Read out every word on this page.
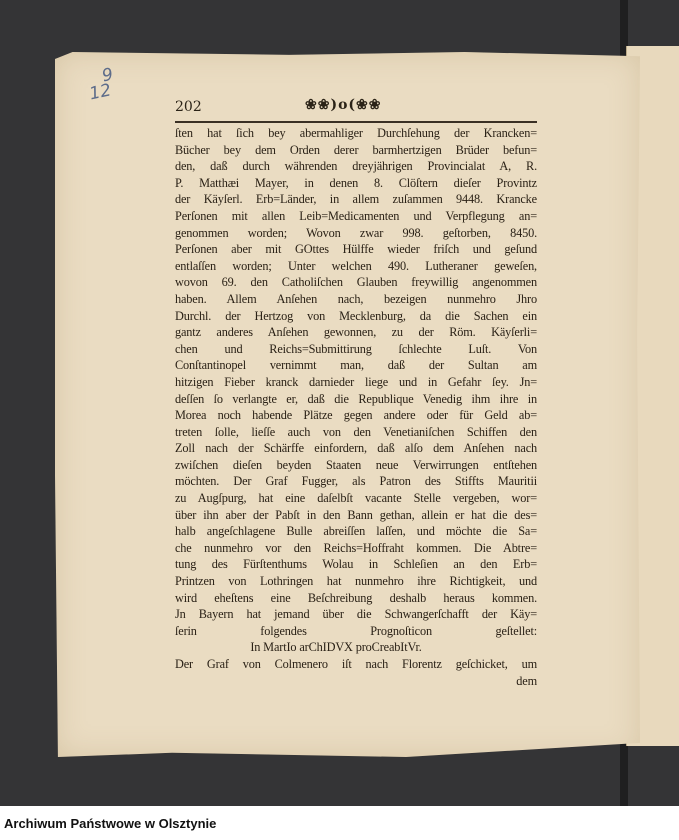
9
12
202	❀❀)o(❀❀
ſten hat ſich bey abermahliger Durchſehung der Krancken=
Bücher bey dem Orden derer barmhertzigen Brüder befun=
den, daß durch währenden dreyjährigen Provincialat A, R.
P. Matthæi Mayer, in denen 8. Clöſtern dieſer Provintz
der Käyſerl. Erb=Länder, in allem zuſammen 9448. Krancke
Perſonen mit allen Leib=Medicamenten und Verpflegung an=
genommen worden; Wovon zwar 998. geſtorben, 8450.
Perſonen aber mit GOttes Hülffe wieder friſch und geſund
entlaſſen worden; Unter welchen 490. Lutheraner geweſen,
wovon 69. den Catholiſchen Glauben freywillig angenommen
haben. Allem Anſehen nach, bezeigen nunmehro Jhro
Durchl. der Hertzog von Mecklenburg, da die Sachen ein
gantz anderes Anſehen gewonnen, zu der Röm. Käyſerli=
chen und Reichs=Submittirung ſchlechte Luſt. Von
Conſtantinopel vernimmt man, daß der Sultan am
hitzigen Fieber kranck darnieder liege und in Gefahr ſey. Jn=
deſſen ſo verlangte er, daß die Republique Venedig ihm ihre in
Morea noch habende Plätze gegen andere oder für Geld ab=
treten ſolle, lieſſe auch von den Venetianiſchen Schiffen den
Zoll nach der Schärffe einfordern, daß alſo dem Anſehen nach
zwiſchen dieſen beyden Staaten neue Verwirrungen entſtehen
möchten. Der Graf Fugger, als Patron des Stiffts Mauritii
zu Augſpurg, hat eine daſelbſt vacante Stelle vergeben, wor=
über ihn aber der Pabſt in den Bann gethan, allein er hat die des=
halb angeſchlagene Bulle abreiſſen laſſen, und möchte die Sa=
che nunmehro vor den Reichs=Hoffraht kommen. Die Abtre=
tung des Fürſtenthums Wolau in Schleſien an den Erb=
Printzen von Lothringen hat nunmehro ihre Richtigkeit, und
wird eheſtens eine Beſchreibung deshalb heraus kommen.
Jn Bayern hat jemand über die Schwangerſchafft der Käy=
ſerin folgendes Prognoſticon geſtellet:
In MartIo arChIDVX proCreabItVr.
Der Graf von Colmenero iſt nach Florentz geſchicket, um
dem
Archiwum Państwowe w Olsztynie
